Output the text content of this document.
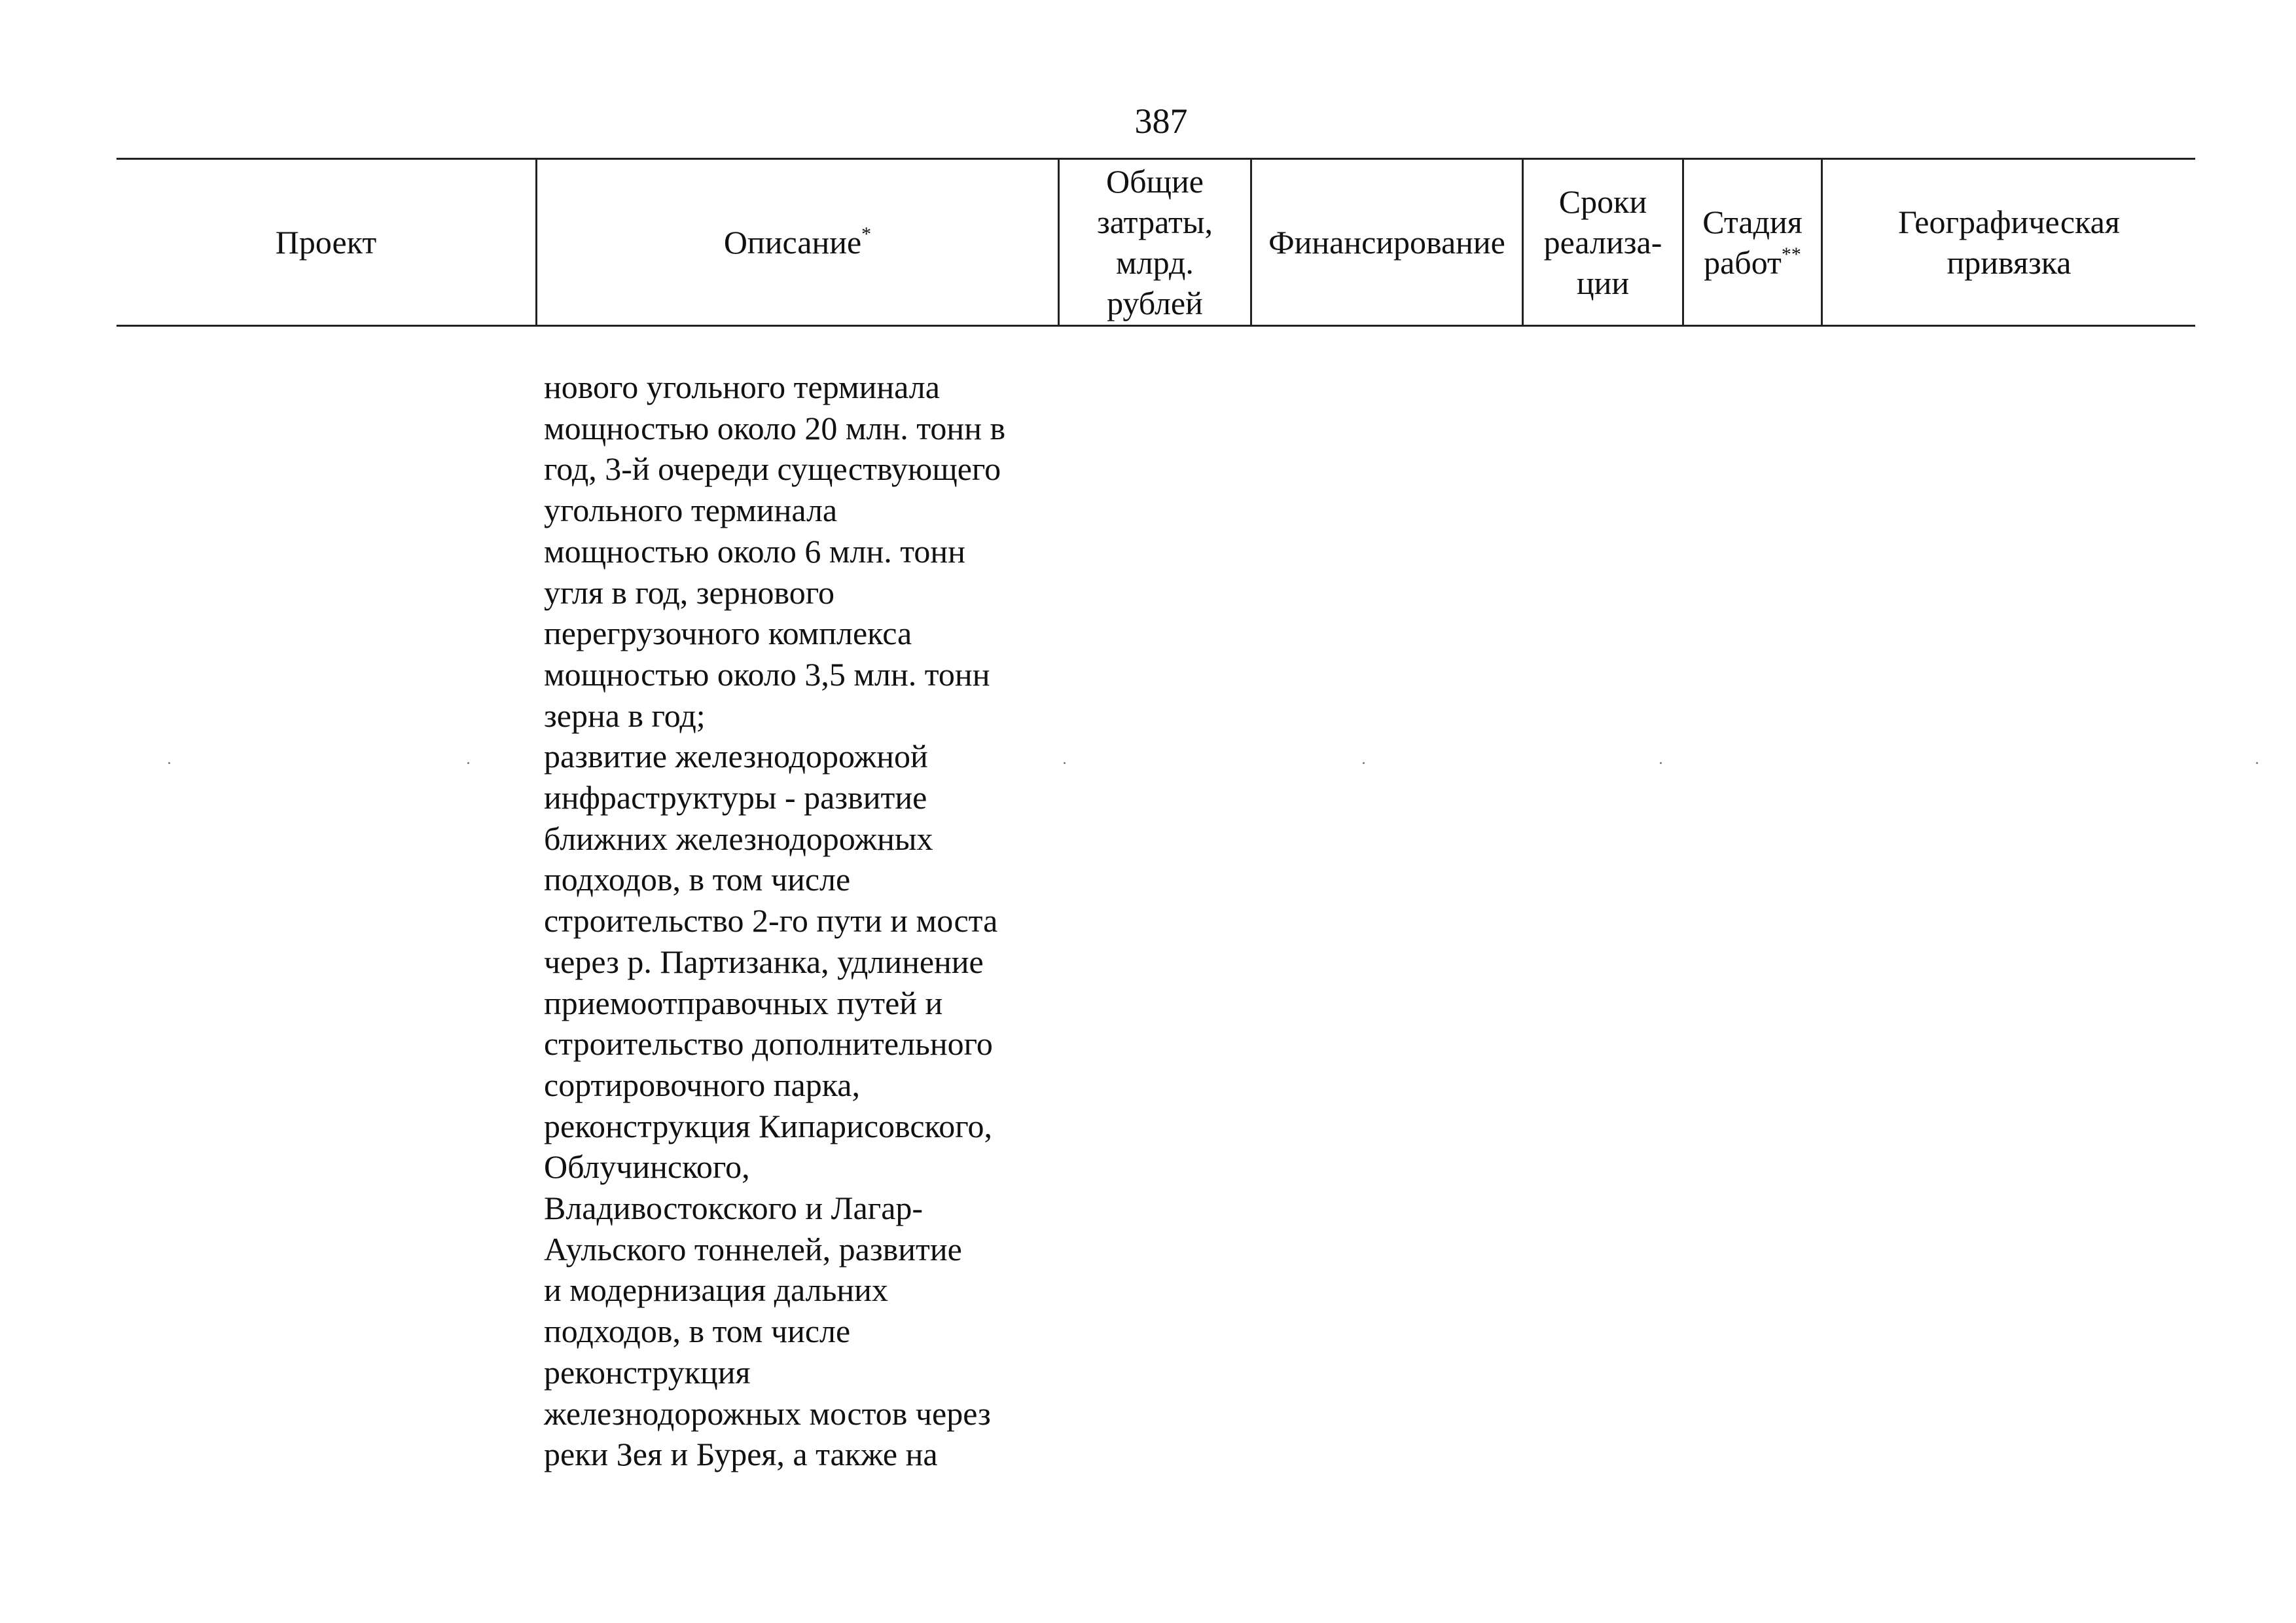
387
Проект	Описание*
Общие
затраты,
млрд.
рублей
Финансирование
Сроки
реализа-
ции
Стадия
работ**
Географическая
привязка
нового угольного терминала
мощностью около 20 млн. тонн в
год, 3-й очереди существующего
угольного терминала
мощностью около 6 млн. тонн
угля в год, зернового
перегрузочного комплекса
мощностью около 3,5 млн. тонн
зерна в год;
развитие железнодорожной
инфраструктуры - развитие
ближних железнодорожных
подходов, в том числе
строительство 2-го пути и моста
через р. Партизанка, удлинение
приемоотправочных путей и
строительство дополнительного
сортировочного парка,
реконструкция Кипарисовского,
Облучинского,
Владивостокского и Лагар-
Аульского тоннелей, развитие
и модернизация дальних
подходов, в том числе
реконструкция
железнодорожных мостов через
реки Зея и Бурея, а также на
